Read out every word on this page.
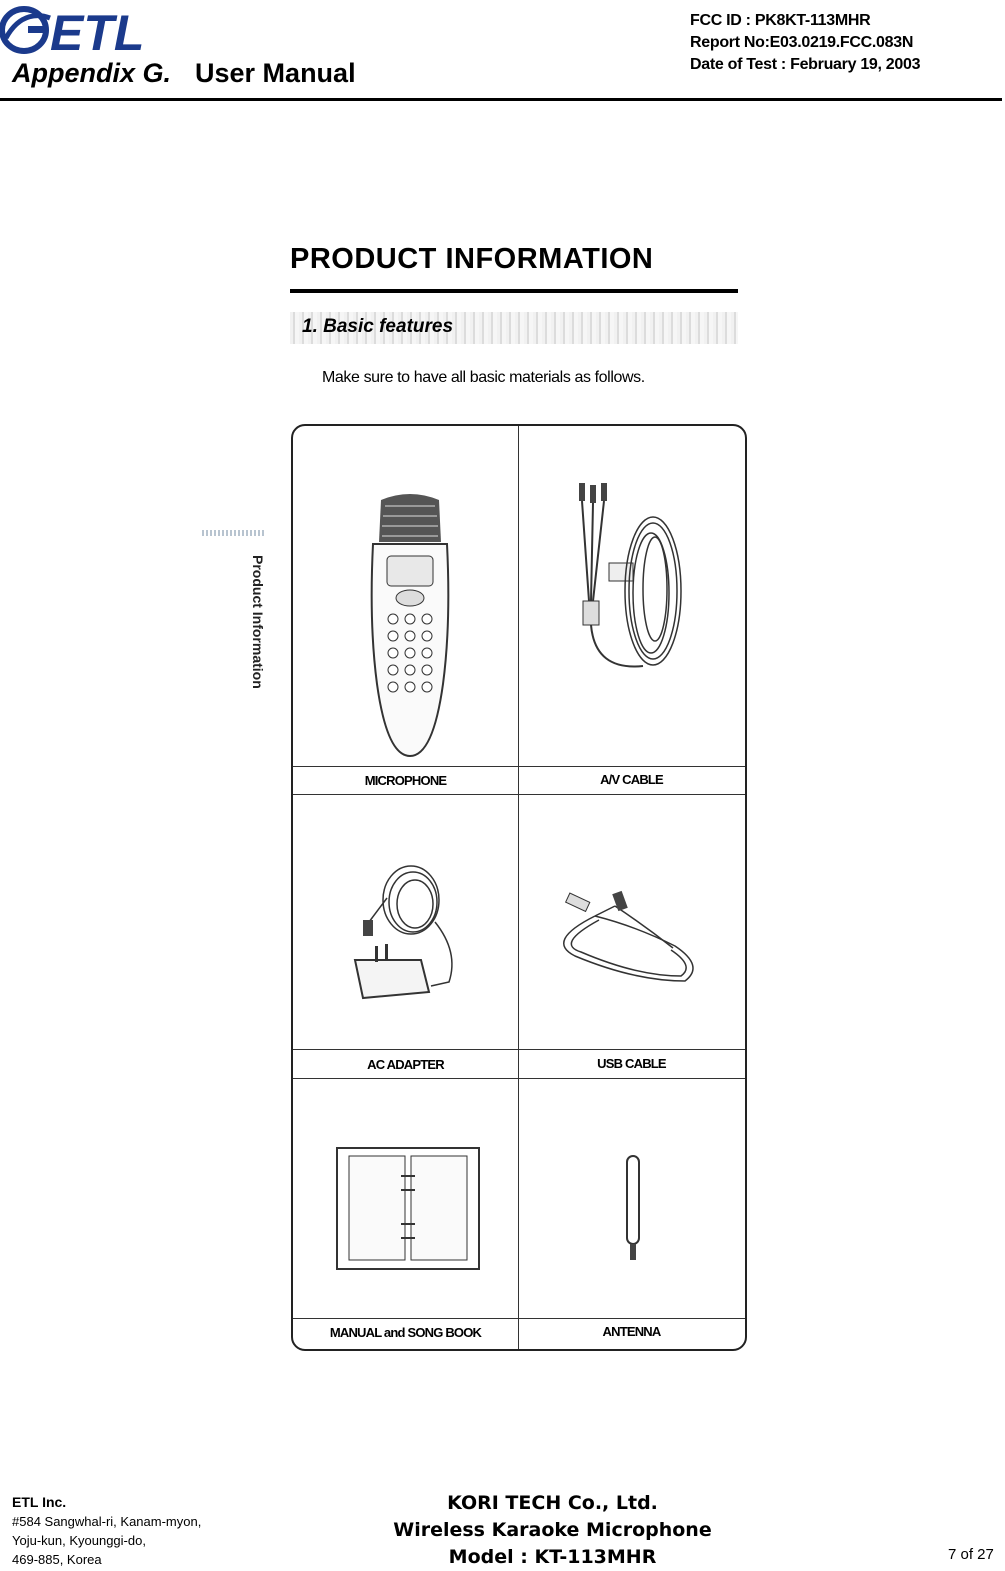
ETL
Appendix G. User Manual
FCC ID : PK8KT-113MHR
Report No:E03.0219.FCC.083N
Date of Test : February 19, 2003
PRODUCT INFORMATION
1. Basic features
Make sure to have all basic materials as follows.
Product Information
MICROPHONE	A/V CABLE
AC ADAPTER	USB CABLE
MANUAL and SONG BOOK	ANTENNA
ETL Inc.
#584 Sangwhal-ri, Kanam-myon,
Yoju-kun, Kyounggi-do,
469-885, Korea
KORI TECH Co., Ltd.
Wireless Karaoke Microphone
Model : KT-113MHR	7 of 27
